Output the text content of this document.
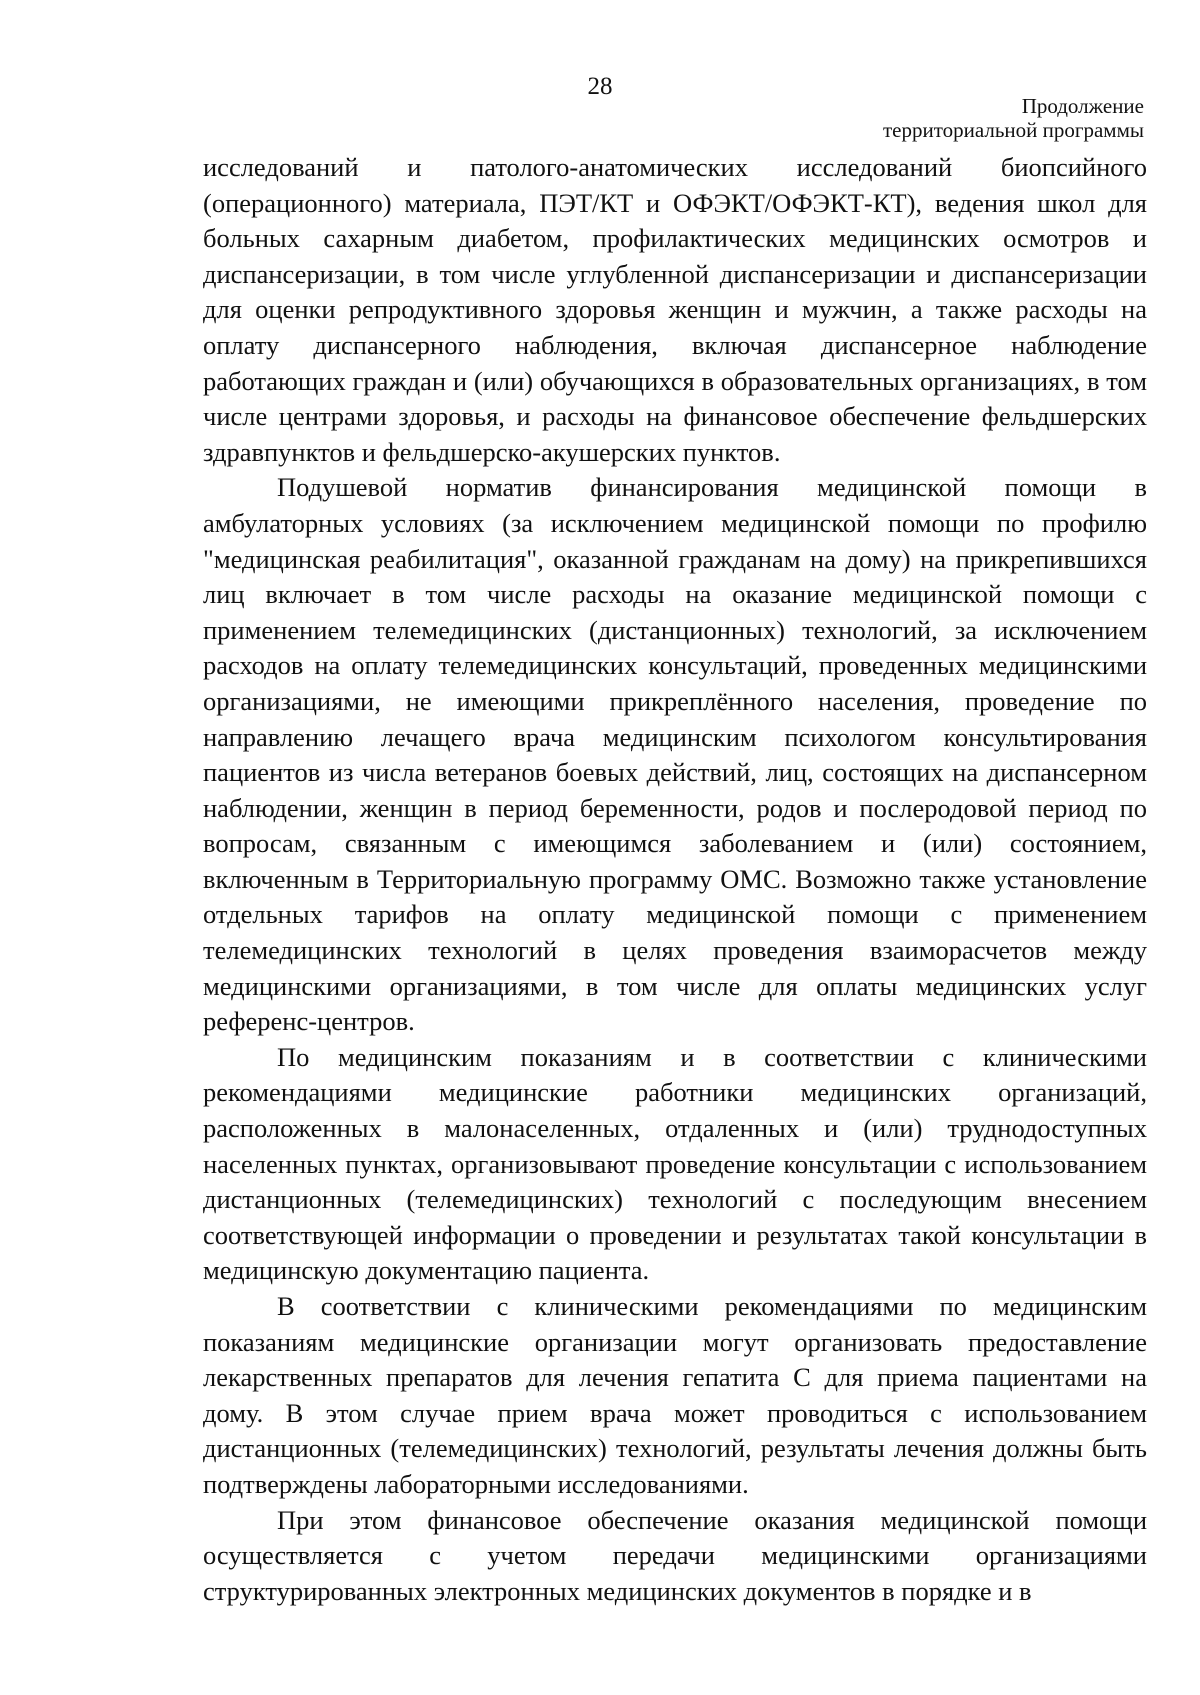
28
Продолжение
территориальной программы

исследований и патолого-анатомических исследований биопсийного (операционного) материала, ПЭТ/КТ и ОФЭКТ/ОФЭКТ-КТ), ведения школ для больных сахарным диабетом, профилактических медицинских осмотров и диспансеризации, в том числе углубленной диспансеризации и диспансеризации для оценки репродуктивного здоровья женщин и мужчин, а также расходы на оплату диспансерного наблюдения, включая диспансерное наблюдение работающих граждан и (или) обучающихся в образовательных организациях, в том числе центрами здоровья, и расходы на финансовое обеспечение фельдшерских здравпунктов и фельдшерско-акушерских пунктов.

Подушевой норматив финансирования медицинской помощи в амбулаторных условиях (за исключением медицинской помощи по профилю "медицинская реабилитация", оказанной гражданам на дому) на прикрепившихся лиц включает в том числе расходы на оказание медицинской помощи с применением телемедицинских (дистанционных) технологий, за исключением расходов на оплату телемедицинских консультаций, проведенных медицинскими организациями, не имеющими прикреплённого населения, проведение по направлению лечащего врача медицинским психологом консультирования пациентов из числа ветеранов боевых действий, лиц, состоящих на диспансерном наблюдении, женщин в период беременности, родов и послеродовой период по вопросам, связанным с имеющимся заболеванием и (или) состоянием, включенным в Территориальную программу ОМС. Возможно также установление отдельных тарифов на оплату медицинской помощи с применением телемедицинских технологий в целях проведения взаиморасчетов между медицинскими организациями, в том числе для оплаты медицинских услуг референс-центров.

По медицинским показаниям и в соответствии с клиническими рекомендациями медицинские работники медицинских организаций, расположенных в малонаселенных, отдаленных и (или) труднодоступных населенных пунктах, организовывают проведение консультации с использованием дистанционных (телемедицинских) технологий с последующим внесением соответствующей информации о проведении и результатах такой консультации в медицинскую документацию пациента.

В соответствии с клиническими рекомендациями по медицинским показаниям медицинские организации могут организовать предоставление лекарственных препаратов для лечения гепатита С для приема пациентами на дому. В этом случае прием врача может проводиться с использованием дистанционных (телемедицинских) технологий, результаты лечения должны быть подтверждены лабораторными исследованиями.

При этом финансовое обеспечение оказания медицинской помощи осуществляется с учетом передачи медицинскими организациями структурированных электронных медицинских документов в порядке и в
